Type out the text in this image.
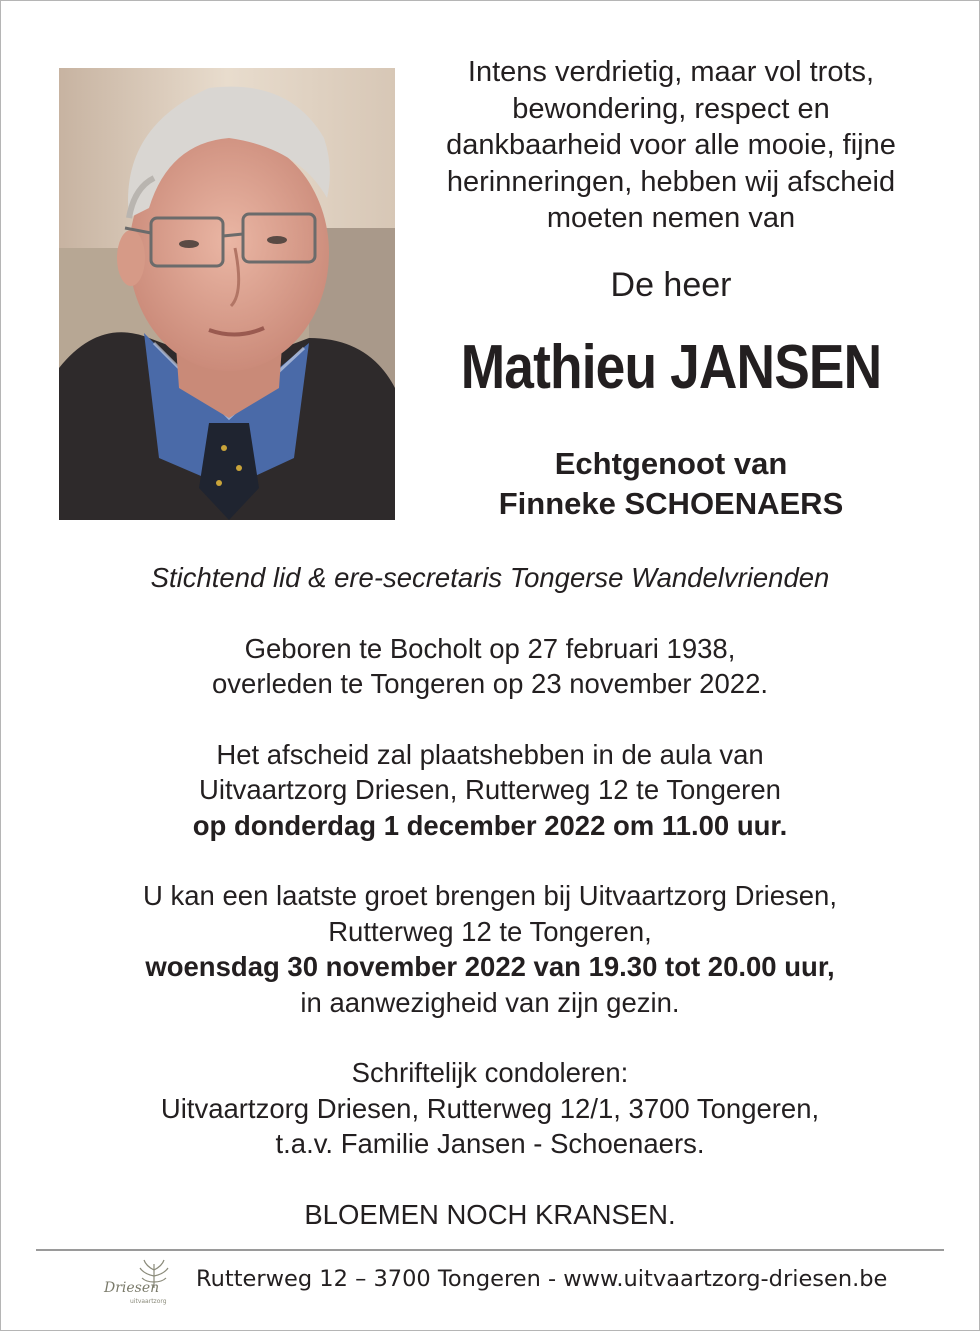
Intens verdrietig, maar vol trots,
bewondering, respect en
dankbaarheid voor alle mooie, fijne
herinneringen, hebben wij afscheid
moeten nemen van
De heer
Mathieu JANSEN
Echtgenoot van
Finneke SCHOENAERS

Stichtend lid & ere-secretaris Tongerse Wandelvrienden

Geboren te Bocholt op 27 februari 1938,
overleden te Tongeren op 23 november 2022.

Het afscheid zal plaatshebben in de aula van
Uitvaartzorg Driesen, Rutterweg 12 te Tongeren
op donderdag 1 december 2022 om 11.00 uur.

U kan een laatste groet brengen bij Uitvaartzorg Driesen,
Rutterweg 12 te Tongeren,
woensdag 30 november 2022 van 19.30 tot 20.00 uur,
in aanwezigheid van zijn gezin.

Schriftelijk condoleren:
Uitvaartzorg Driesen, Rutterweg 12/1, 3700 Tongeren,
t.a.v. Familie Jansen - Schoenaers.

BLOEMEN NOCH KRANSEN.

Driesen
uitvaartzorg
Rutterweg 12 – 3700 Tongeren - www.uitvaartzorg-driesen.be
